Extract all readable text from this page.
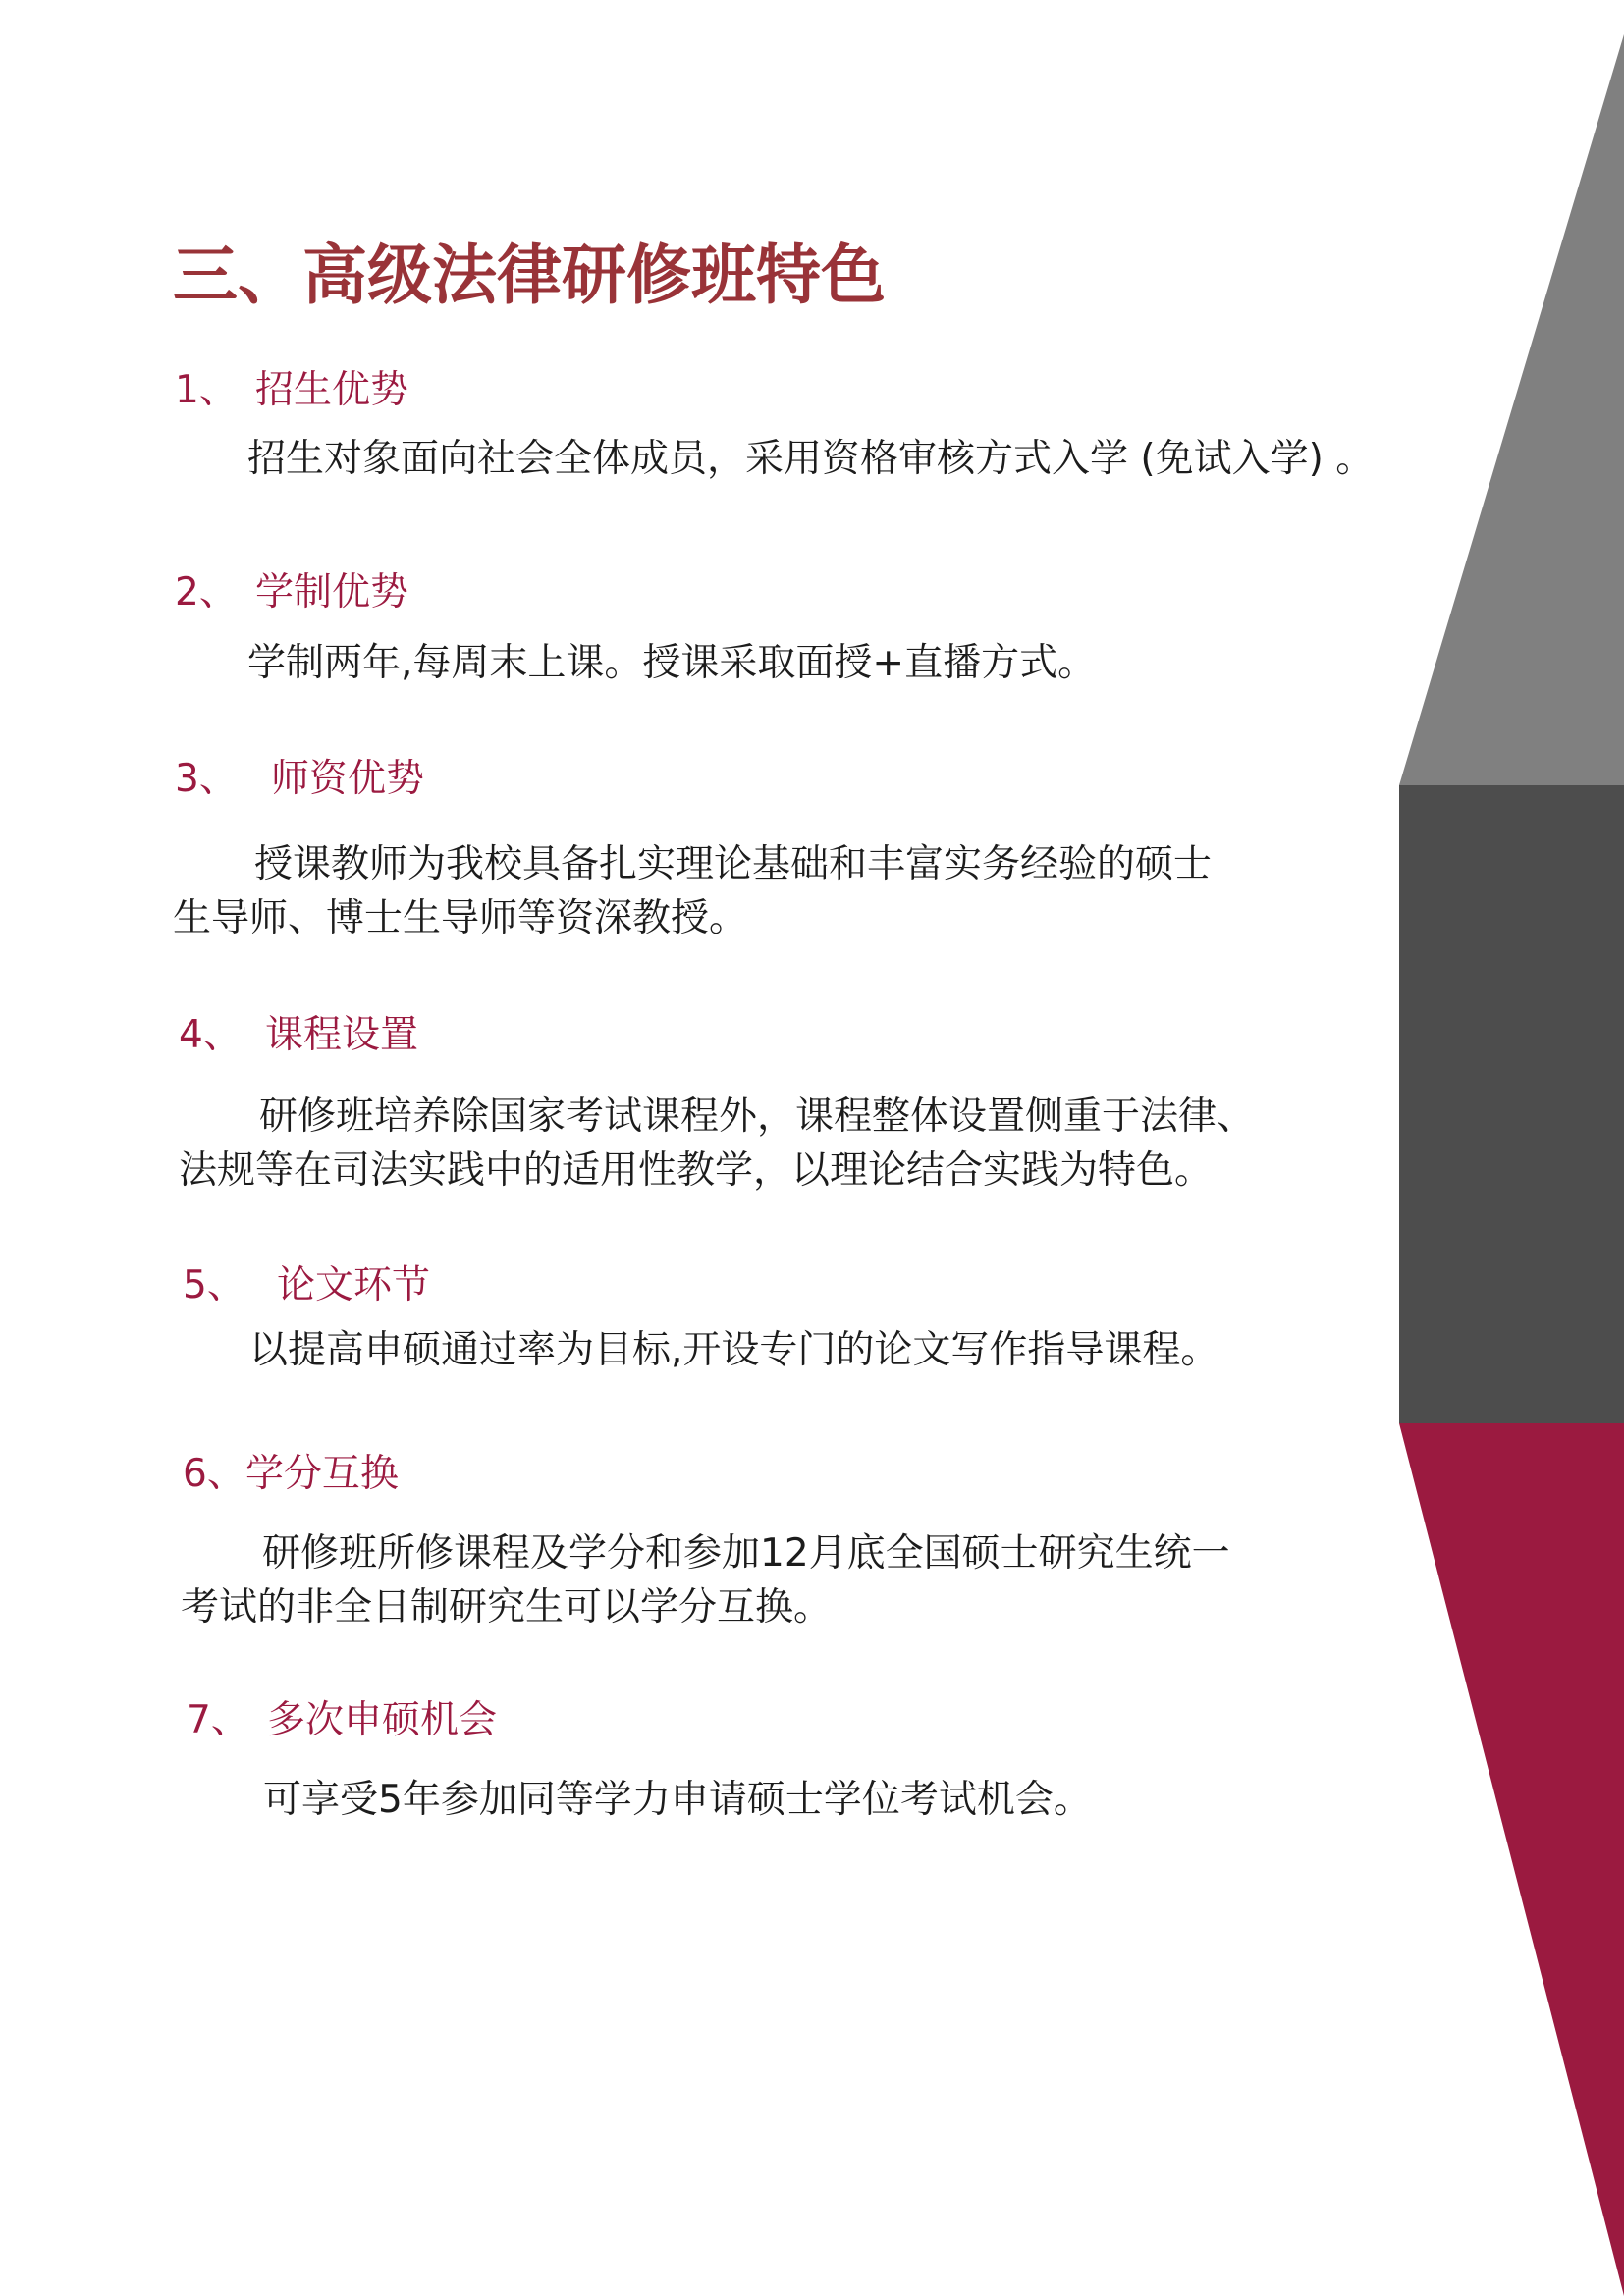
三、高级法律研修班特色
1、 招生优势

招生对象面向社会全体成员，采用资格审核方式入学 (免试入学) 。

2、 学制优势

学制两年,每周末上课。授课采取面授+直播方式。

3、 师资优势

授课教师为我校具备扎实理论基础和丰富实务经验的硕士
生导师、博士生导师等资深教授。

4、 课程设置

研修班培养除国家考试课程外，课程整体设置侧重于法律、
法规等在司法实践中的适用性教学，以理论结合实践为特色。

5、 论文环节

以提高申硕通过率为目标,开设专门的论文写作指导课程。

6、学分互换

研修班所修课程及学分和参加12月底全国硕士研究生统一
考试的非全日制研究生可以学分互换。

7、 多次申硕机会

可享受5年参加同等学力申请硕士学位考试机会。
